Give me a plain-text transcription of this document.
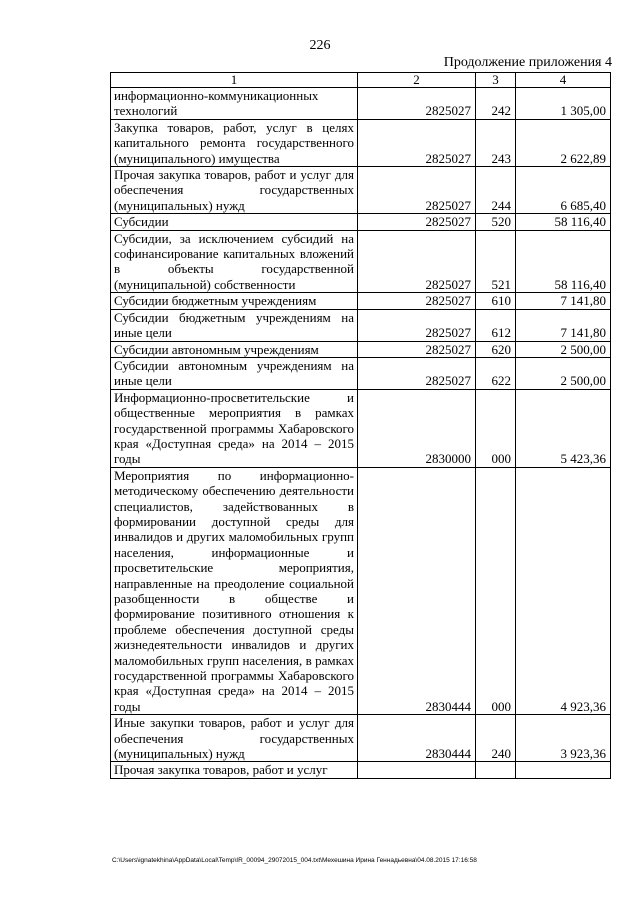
226
Продолжение приложения 4
1	2	3	4
информационно-коммуникационных технологий	2825027	242	1 305,00
Закупка товаров, работ, услуг в целях капитального ремонта государственного (муниципального) имущества	2825027	243	2 622,89
Прочая закупка товаров, работ и услуг для обеспечения государственных (муниципальных) нужд	2825027	244	6 685,40
Субсидии	2825027	520	58 116,40
Субсидии, за исключением субсидий на софинансирование капитальных вложений в объекты государственной (муниципальной) собственности	2825027	521	58 116,40
Субсидии бюджетным учреждениям	2825027	610	7 141,80
Субсидии бюджетным учреждениям на иные цели	2825027	612	7 141,80
Субсидии автономным учреждениям	2825027	620	2 500,00
Субсидии автономным учреждениям на иные цели	2825027	622	2 500,00
Информационно-просветительские и общественные мероприятия в рамках государственной программы Хабаровского края «Доступная среда» на 2014 – 2015 годы	2830000	000	5 423,36
Мероприятия по информационно-методическому обеспечению деятельности специалистов, задействованных в формировании доступной среды для инвалидов и других маломобильных групп населения, информационные и просветительские мероприятия, направленные на преодоление социальной разобщенности в обществе и формирование позитивного отношения к проблеме обеспечения доступной среды жизнедеятельности инвалидов и других маломобильных групп населения, в рамках государственной программы Хабаровского края «Доступная среда» на 2014 – 2015 годы	2830444	000	4 923,36
Иные закупки товаров, работ и услуг для обеспечения государственных (муниципальных) нужд	2830444	240	3 923,36
Прочая закупка товаров, работ и услуг			
C:\Users\ignatekhina\AppData\Local\Temp\IR_00094_29072015_004.txt\Мехешина Ирина Геннадьевна\04.08.2015 17:16:58
